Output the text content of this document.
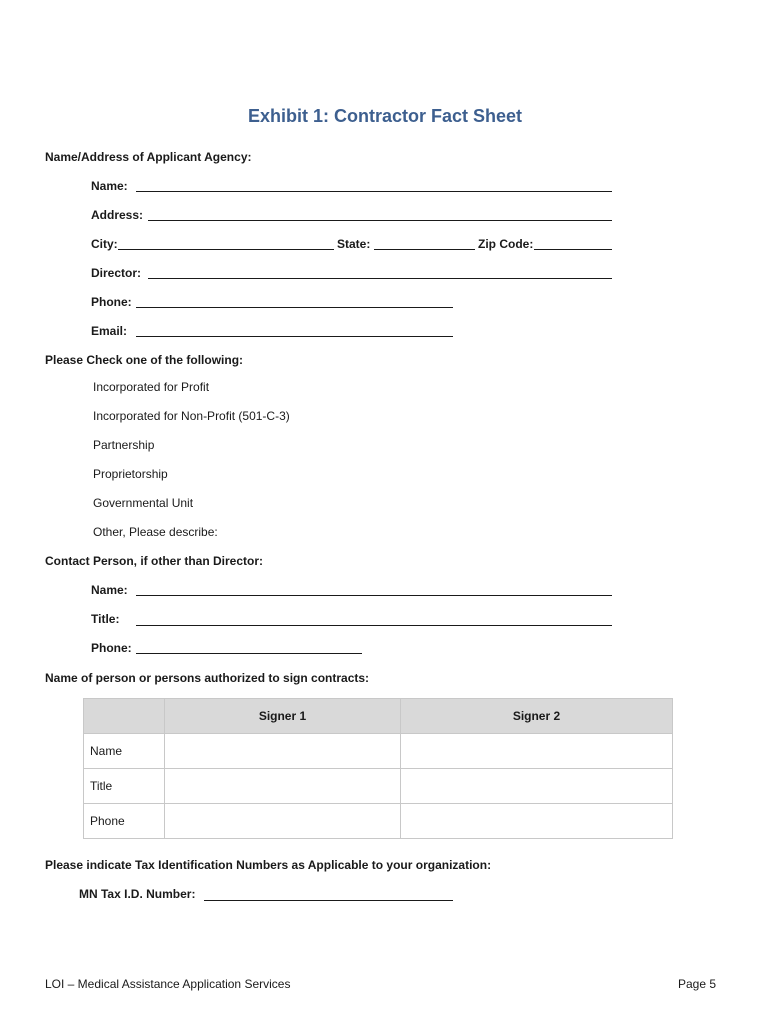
Exhibit 1: Contractor Fact Sheet
Name/Address of Applicant Agency:
Name:
Address:
City:	State:	Zip Code:
Director:
Phone:
Email:
Please Check one of the following:
Incorporated for Profit
Incorporated for Non-Profit (501-C-3)
Partnership
Proprietorship
Governmental Unit
Other, Please describe:
Contact Person, if other than Director:
Name:
Title:
Phone:
Name of person or persons authorized to sign contracts:
	Signer 1	Signer 2
Name		
Title		
Phone		
Please indicate Tax Identification Numbers as Applicable to your organization:
MN Tax I.D. Number:
LOI – Medical Assistance Application Services	Page 5
